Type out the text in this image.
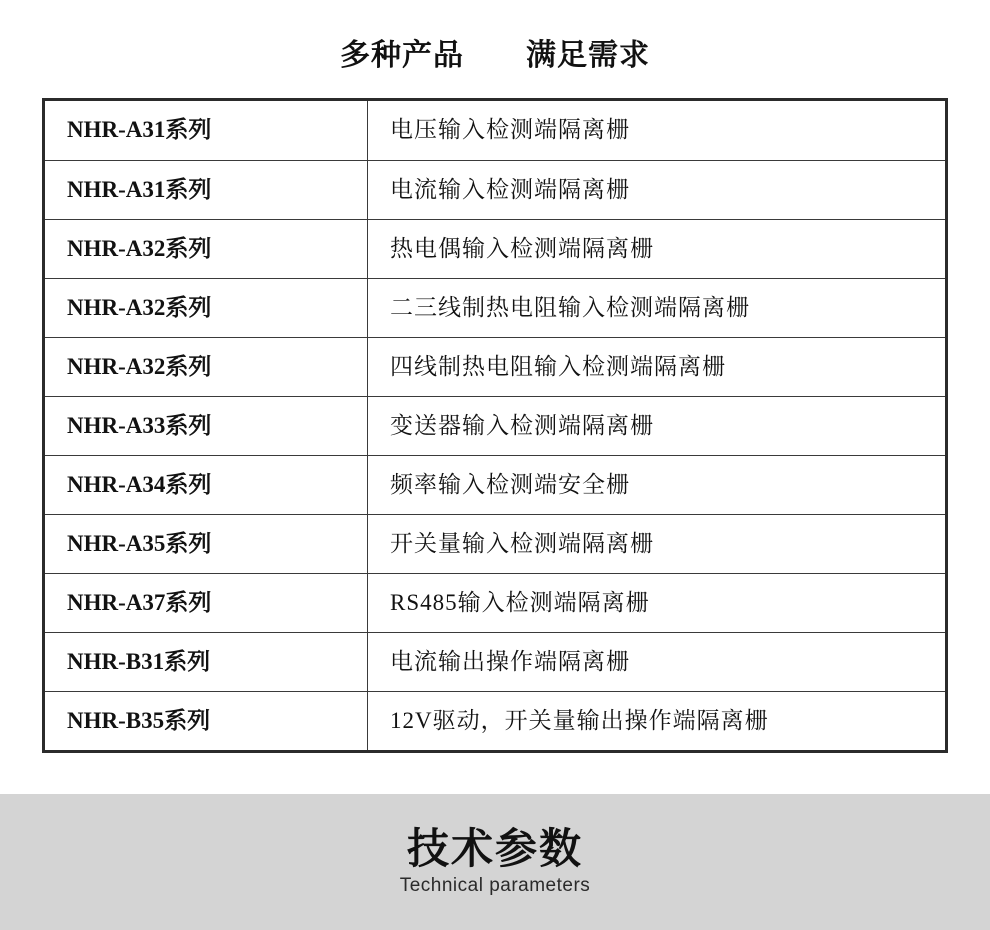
多种产品　　满足需求
NHR-A31系列	电压输入检测端隔离栅
NHR-A31系列	电流输入检测端隔离栅
NHR-A32系列	热电偶输入检测端隔离栅
NHR-A32系列	二三线制热电阻输入检测端隔离栅
NHR-A32系列	四线制热电阻输入检测端隔离栅
NHR-A33系列	变送器输入检测端隔离栅
NHR-A34系列	频率输入检测端安全栅
NHR-A35系列	开关量输入检测端隔离栅
NHR-A37系列	RS485输入检测端隔离栅
NHR-B31系列	电流输出操作端隔离栅
NHR-B35系列	12V驱动，开关量输出操作端隔离栅
技术参数
Technical parameters
